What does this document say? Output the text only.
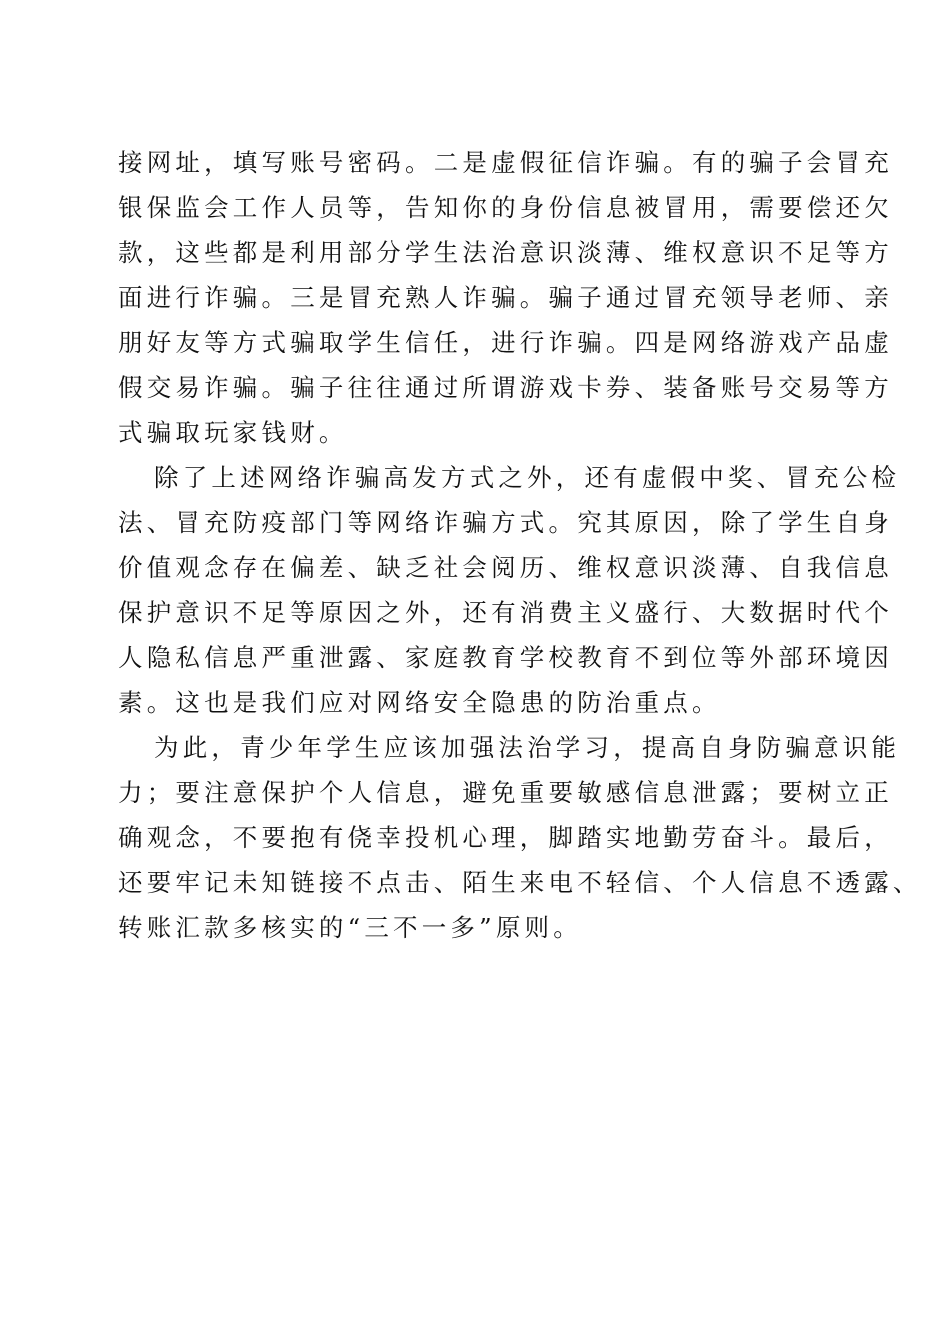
接网址，填写账号密码。二是虚假征信诈骗。有的骗子会冒充
银保监会工作人员等，告知你的身份信息被冒用，需要偿还欠
款，这些都是利用部分学生法治意识淡薄、维权意识不足等方
面进行诈骗。三是冒充熟人诈骗。骗子通过冒充领导老师、亲
朋好友等方式骗取学生信任，进行诈骗。四是网络游戏产品虚
假交易诈骗。骗子往往通过所谓游戏卡券、装备账号交易等方
式骗取玩家钱财。

除了上述网络诈骗高发方式之外，还有虚假中奖、冒充公检
法、冒充防疫部门等网络诈骗方式。究其原因，除了学生自身
价值观念存在偏差、缺乏社会阅历、维权意识淡薄、自我信息
保护意识不足等原因之外，还有消费主义盛行、大数据时代个
人隐私信息严重泄露、家庭教育学校教育不到位等外部环境因
素。这也是我们应对网络安全隐患的防治重点。

为此，青少年学生应该加强法治学习，提高自身防骗意识能
力；要注意保护个人信息，避免重要敏感信息泄露；要树立正
确观念，不要抱有侥幸投机心理，脚踏实地勤劳奋斗。最后，
还要牢记未知链接不点击、陌生来电不轻信、个人信息不透露、
转账汇款多核实的“三不一多”原则。
